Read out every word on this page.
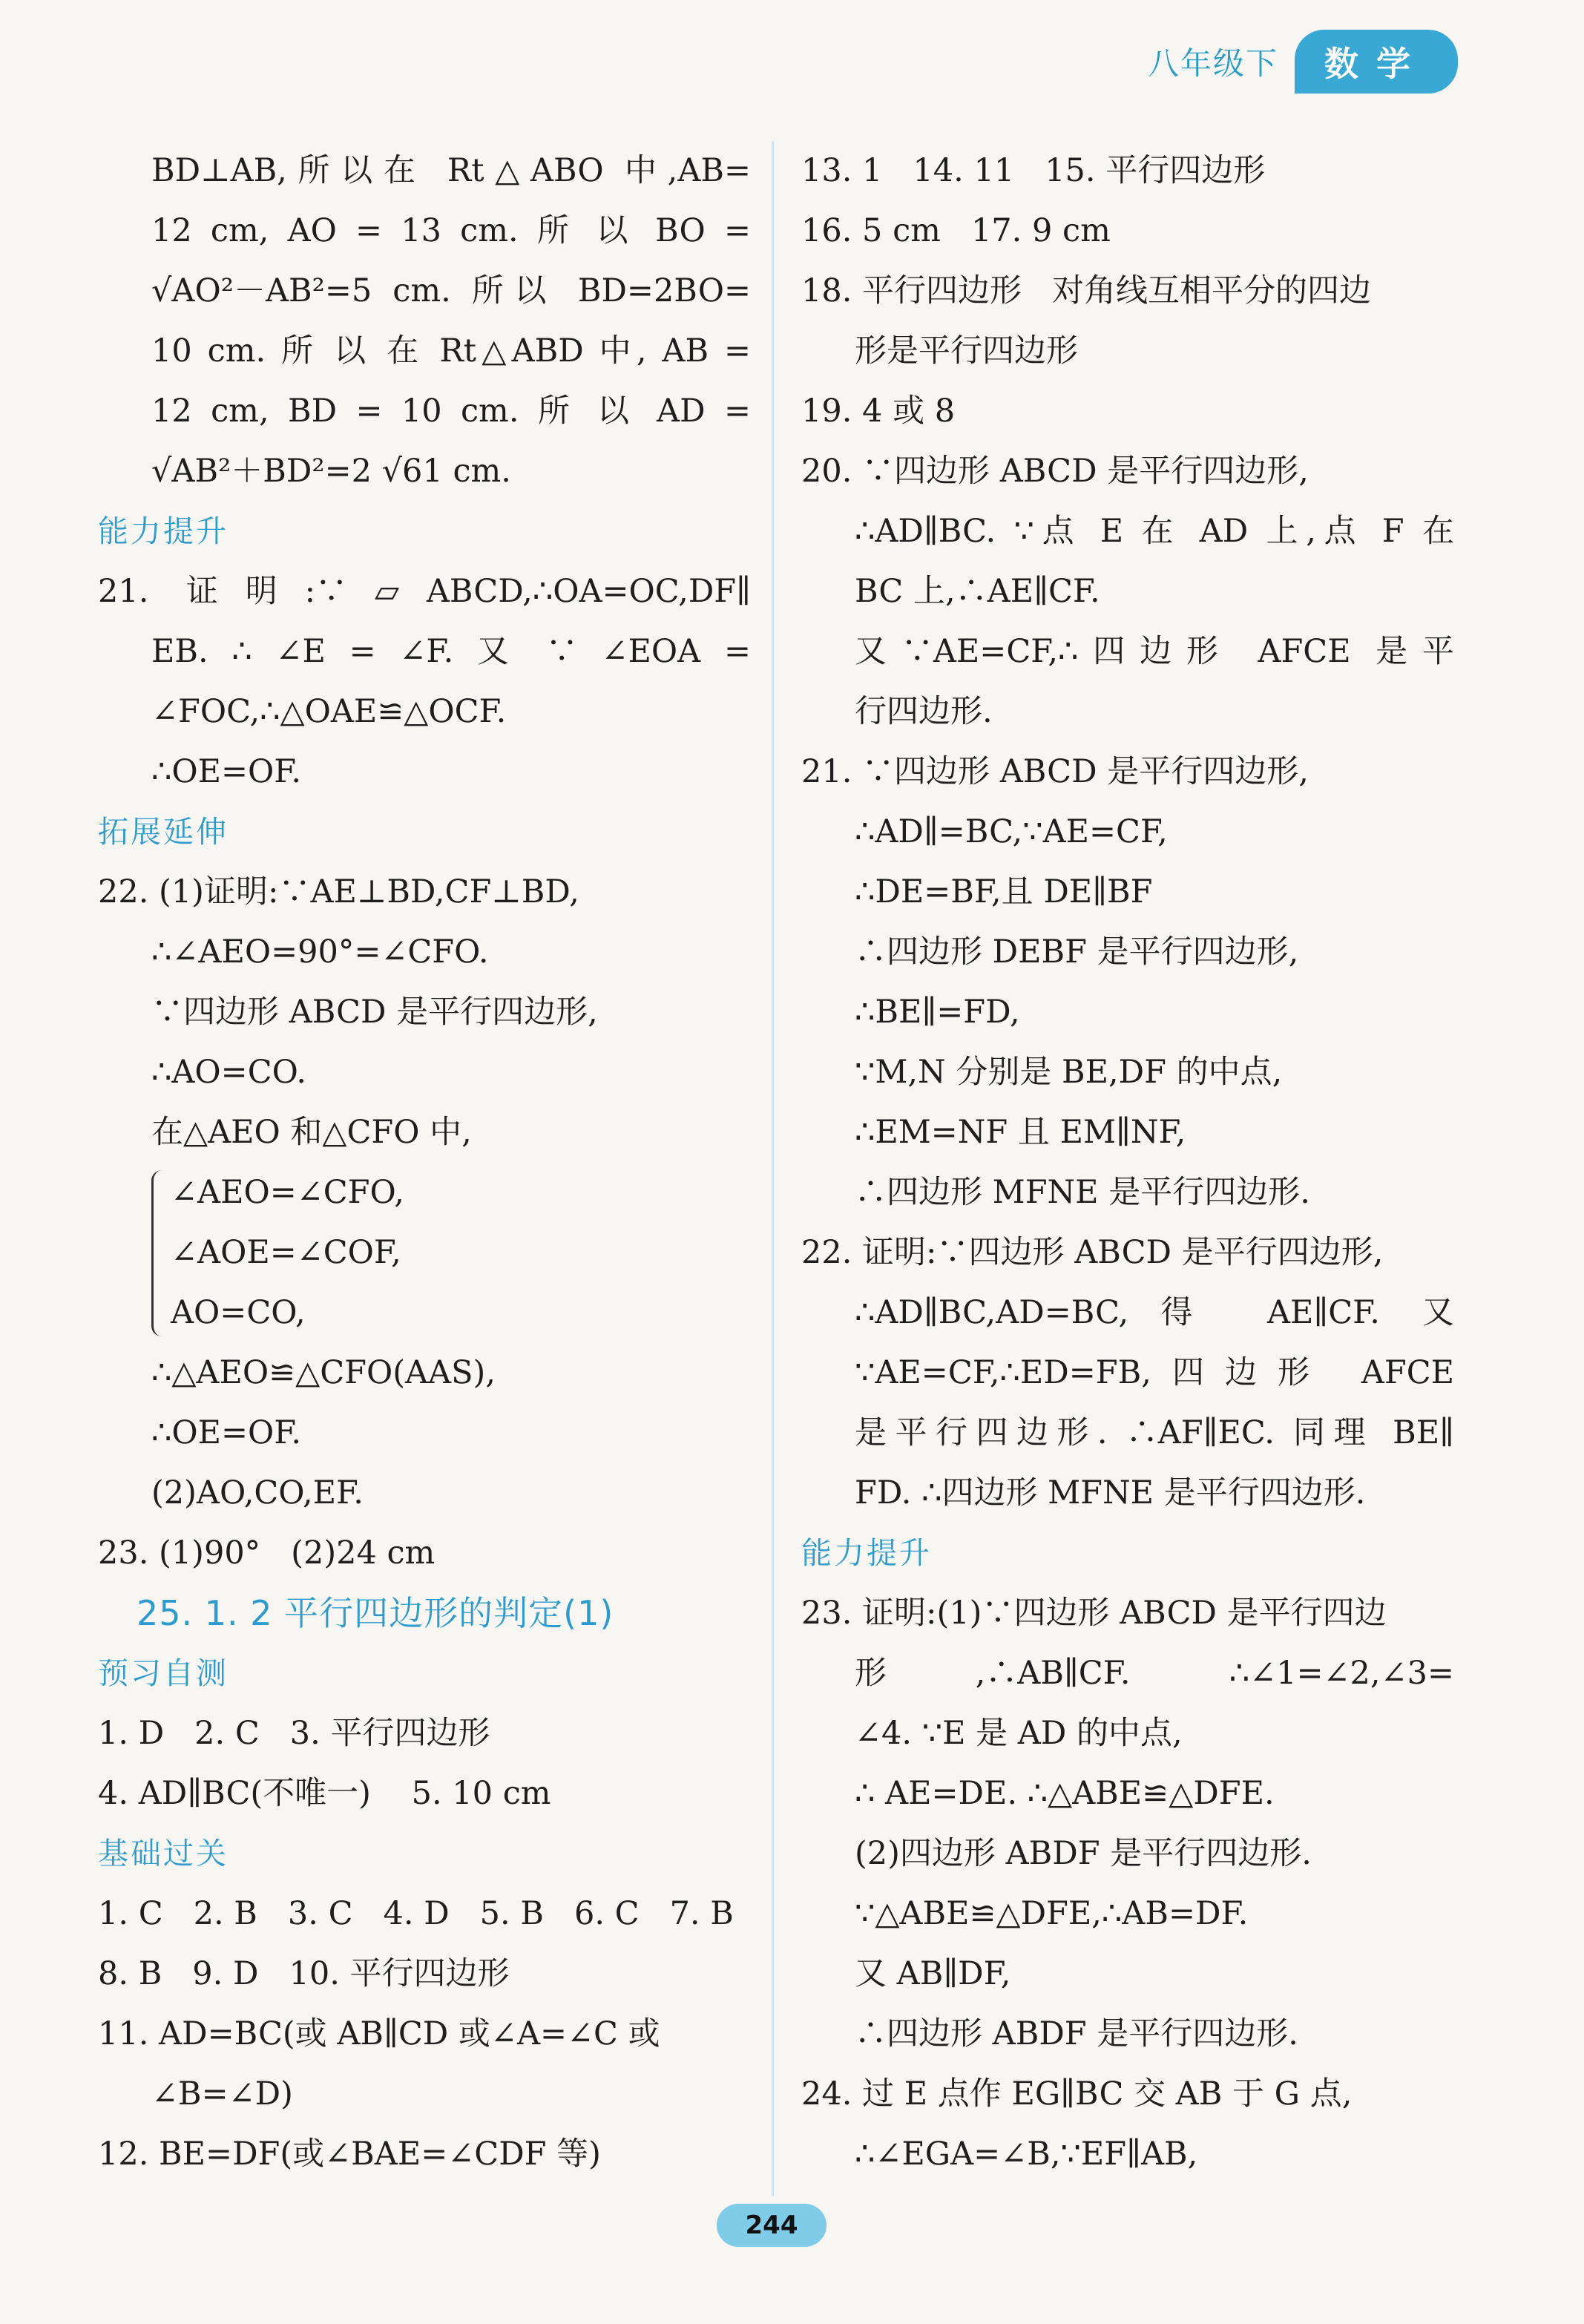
八年级下	数学
BD⊥AB,所以在 Rt△ABO 中,AB=
12 cm, AO = 13 cm. 所 以 BO =
√AO²－AB²=5 cm. 所以 BD=2BO=
10 cm. 所 以 在 Rt△ABD 中, AB =
12 cm, BD = 10 cm. 所 以 AD =
√AB²＋BD²=2 √61 cm.
能力提升
21. 证明:∵▱ABCD,∴OA=OC,DF∥
EB. ∴ ∠E = ∠F. 又 ∵ ∠EOA =
∠FOC,∴△OAE≌△OCF.
∴OE=OF.
拓展延伸
22. (1)证明:∵AE⊥BD,CF⊥BD,
∴∠AEO=90°=∠CFO.
∵四边形 ABCD 是平行四边形,
∴AO=CO.
在△AEO 和△CFO 中,
∠AEO=∠CFO,
∠AOE=∠COF,
AO=CO,
∴△AEO≌△CFO(AAS),
∴OE=OF.
(2)AO,CO,EF.
23. (1)90°   (2)24 cm
25. 1. 2 平行四边形的判定(1)
预习自测
1. D   2. C   3. 平行四边形
4. AD∥BC(不唯一)    5. 10 cm
基础过关
1. C   2. B   3. C   4. D   5. B   6. C   7. B
8. B   9. D   10. 平行四边形
11. AD=BC(或 AB∥CD 或∠A=∠C 或
∠B=∠D)
12. BE=DF(或∠BAE=∠CDF 等)
13. 1   14. 11   15. 平行四边形
16. 5 cm   17. 9 cm
18. 平行四边形   对角线互相平分的四边
形是平行四边形
19. 4 或 8
20. ∵四边形 ABCD 是平行四边形,
∴AD∥BC. ∵点 E 在 AD 上,点 F 在
BC 上,∴AE∥CF.
又∵AE=CF,∴四边形 AFCE 是平
行四边形.
21. ∵四边形 ABCD 是平行四边形,
∴AD∥=BC,∵AE=CF,
∴DE=BF,且 DE∥BF
∴四边形 DEBF 是平行四边形,
∴BE∥=FD,
∵M,N 分别是 BE,DF 的中点,
∴EM=NF 且 EM∥NF,
∴四边形 MFNE 是平行四边形.
22. 证明:∵四边形 ABCD 是平行四边形,
∴AD∥BC,AD=BC,得 AE∥CF. 又
∵AE=CF,∴ED=FB,四边形 AFCE
是平行四边形. ∴AF∥EC. 同理 BE∥
FD. ∴四边形 MFNE 是平行四边形.
能力提升
23. 证明:(1)∵四边形 ABCD 是平行四边
形,∴AB∥CF. ∴∠1=∠2,∠3=
∠4. ∵E 是 AD 的中点,
∴ AE=DE. ∴△ABE≌△DFE.
(2)四边形 ABDF 是平行四边形.
∵△ABE≌△DFE,∴AB=DF.
又 AB∥DF,
∴四边形 ABDF 是平行四边形.
24. 过 E 点作 EG∥BC 交 AB 于 G 点,
∴∠EGA=∠B,∵EF∥AB,
244
